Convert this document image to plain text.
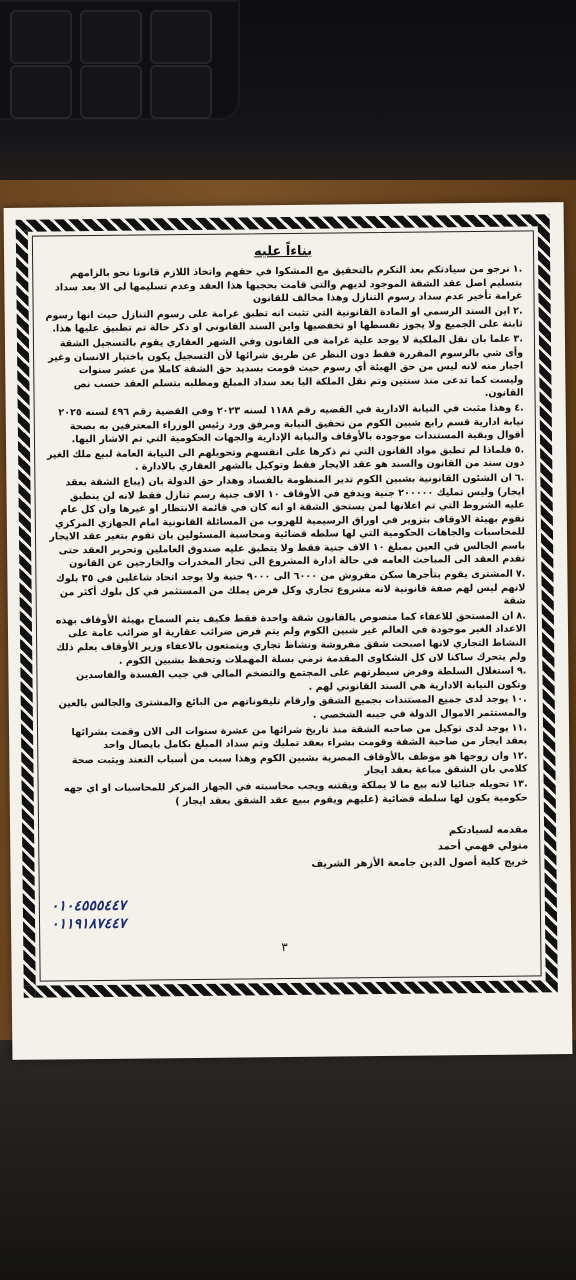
بناءاً عليه
.١نرجو من سيادتكم بعد التكرم بالتحقيق مع المشكوا في حقهم واتخاذ اللازم قانونا نحو بالزامهم بتسليم اصل عقد الشقة الموجود لديهم والتي قامت بحجبها هذا العقد وعدم تسليمها لي الا بعد سداد غرامة تأخير عدم سداد رسوم التنازل وهذا مخالف للقانون
.٢اين السند الرسمي او المادة القانونية التي تثبت انه تطبق غرامة على رسوم التنازل حيث انها رسوم ثابتة على الجميع ولا يجوز تقسطها او تخفضيها واين السند القانوني او ذكر حالة تم تطبيق عليها هذا.
.٣علما بان نقل الملكية لا يوجد علية غرامة في القانون وفي الشهر العقاري يقوم بالتسجيل الشقة وأى شي بالرسوم المقررة فقط دون النظر عن طريق شرائها لأن التسجيل يكون باختيار الانسان وغير اجبار منه لانه ليس من حق الهيئة أي رسوم حيث قومت بسديد حق الشقة كاملا من عشر سنوات وليست كما تدعى منذ سنتين وتم نقل الملكة اليا بعد سداد المبلغ ومطلبه بتسلم العقد حسب نص القانون.
.٤وهذا مثبت في النيابة الادارية في القضيه رقم ١١٨٨ لسنه ٢٠٢٣ وفي القضية رقم ٤٩٦ لسنه ٢٠٢٥ نيابة ادارية قسم رابع شبين الكوم من تحقيق النيابة ومرفق ورد رئيس الوزراء المعترفين به بصحة أقوال وبقية المستندات موجوده بالأوقاف والنيابة الإدارية والجهات الحكومية التي تم الاشار اليها.
.٥فلماذا لم تطبق مواد القانون التي تم ذكرها على انفسهم وتحويلهم الى النيابة العامة لبيع ملك الغير دون سند من القانون والسند هو عقد الايجار فقط وتوكيل بالشهر العقاري بالادارة .
.٦ان الشئون القانونية بشبين الكوم تدير المنظومة بالفساد وهدار حق الدولة بان (يباع الشقة بعقد ايجار) وليس تمليك ٢٠٠٠٠٠ جنية ويدفع في الأوقاف ١٠ الاف جنية رسم تنازل فقط لانه لن ينطبق عليه الشروط التي تم اعلانها لمن يستحق الشقة او انه كان في قائمة الانتظار او غيرها وان كل عام تقوم بهيئة الاوقاف بتزوير في اوراق الرسيمية للهروب من المسائلة القانونية امام الجهازي المركزي للمحاسبات والجاهات الحكومية التي لها سلطه قضائية ومحاسبة المسئولين بان تقوم بتغير عقد الايجار باسم الجالس في العين بمبلغ ١٠ الاف جنية فقط ولا يتطبق عليه صندوق العاملين وتحرير العقد حتى تقدم العقد الى المباحث العامه في حالة ادارة المشروع الى تجار المخدرات والخارجين عن القانون
.٧المشترى يقوم بتأجرها سكن مفروش من ٦٠٠٠ الى ٩٠٠٠ جنية ولا يوجد اتحاد شاغلين في ٣٥ بلوك لانهم ليس لهم صفة قانونية لانه مشروع تجاري وكل فرض يملك من المستثمر في كل بلوك أكثر من شقة
.٨ان المستحق للاعفاء كما منصوص بالقانون شقة واحدة فقط فكيف يتم السماح بهيئة الأوقاف بهذه الاعداد الغير موجودة في العالم غير شبين الكوم ولم يتم فرض ضرائب عقارية او ضرائب عامة على النشاط التجاري لانها اصبحت شقق مفروشة ونشاط تجاري ويتمتعون بالاعفاء وزير الأوقاف يعلم ذلك ولم يتحرك ساكنا لان كل الشكاوى المقدمة ترمي بسلة المهملات وتحفظ بشبين الكوم .
.٩استغلال السلطة وفرض سيطرتهم على المجتمع والتضخم المالي في جيب الفسدة والفاسدين وتكون النيابة الادارية هي السند القانوني لهم .
.١٠يوجد لدى جميع المستندات بجميع الشقق وارقام تليفوناتهم من البائع والمشترى والجالس بالعين والمستثمر الاموال الدولة في جيبه الشخصي .
.١١يوجد لدى توكيل من صاحبه الشقة منذ تاريخ شرائها من عشرة سنوات الى الان وقمت بشرائها بعقد ايجار من صاحبة الشقة وقومت بشراء بعقد تمليك وتم سداد المبلغ بكامل بايصال واحد
.١٢وان زوجها هو موظف بالأوقاف المصرية بشبين الكوم وهذا سبب من أسباب التعند ويثبت صحة كلامي بان الشقق مباعة بعقد ايجار
.١٣تحويله جنائيا لانه بيع ما لا يملكة ويقتنه ويجب محاسبته في الجهاز المركز للمحاسبات او اي جهه حكومية يكون لها سلطه قضائية (عليهم ويقوم ببيع عقد الشقق بعقد ايجار )
مقدمه لسيادتكم
متولي فهمي أحمد
خريج كلية أصول الدين جامعة الأزهر الشريف
٠١٠٤٥٥٥٤٤٧
٠١١٩١٨٧٤٤٧
٣
